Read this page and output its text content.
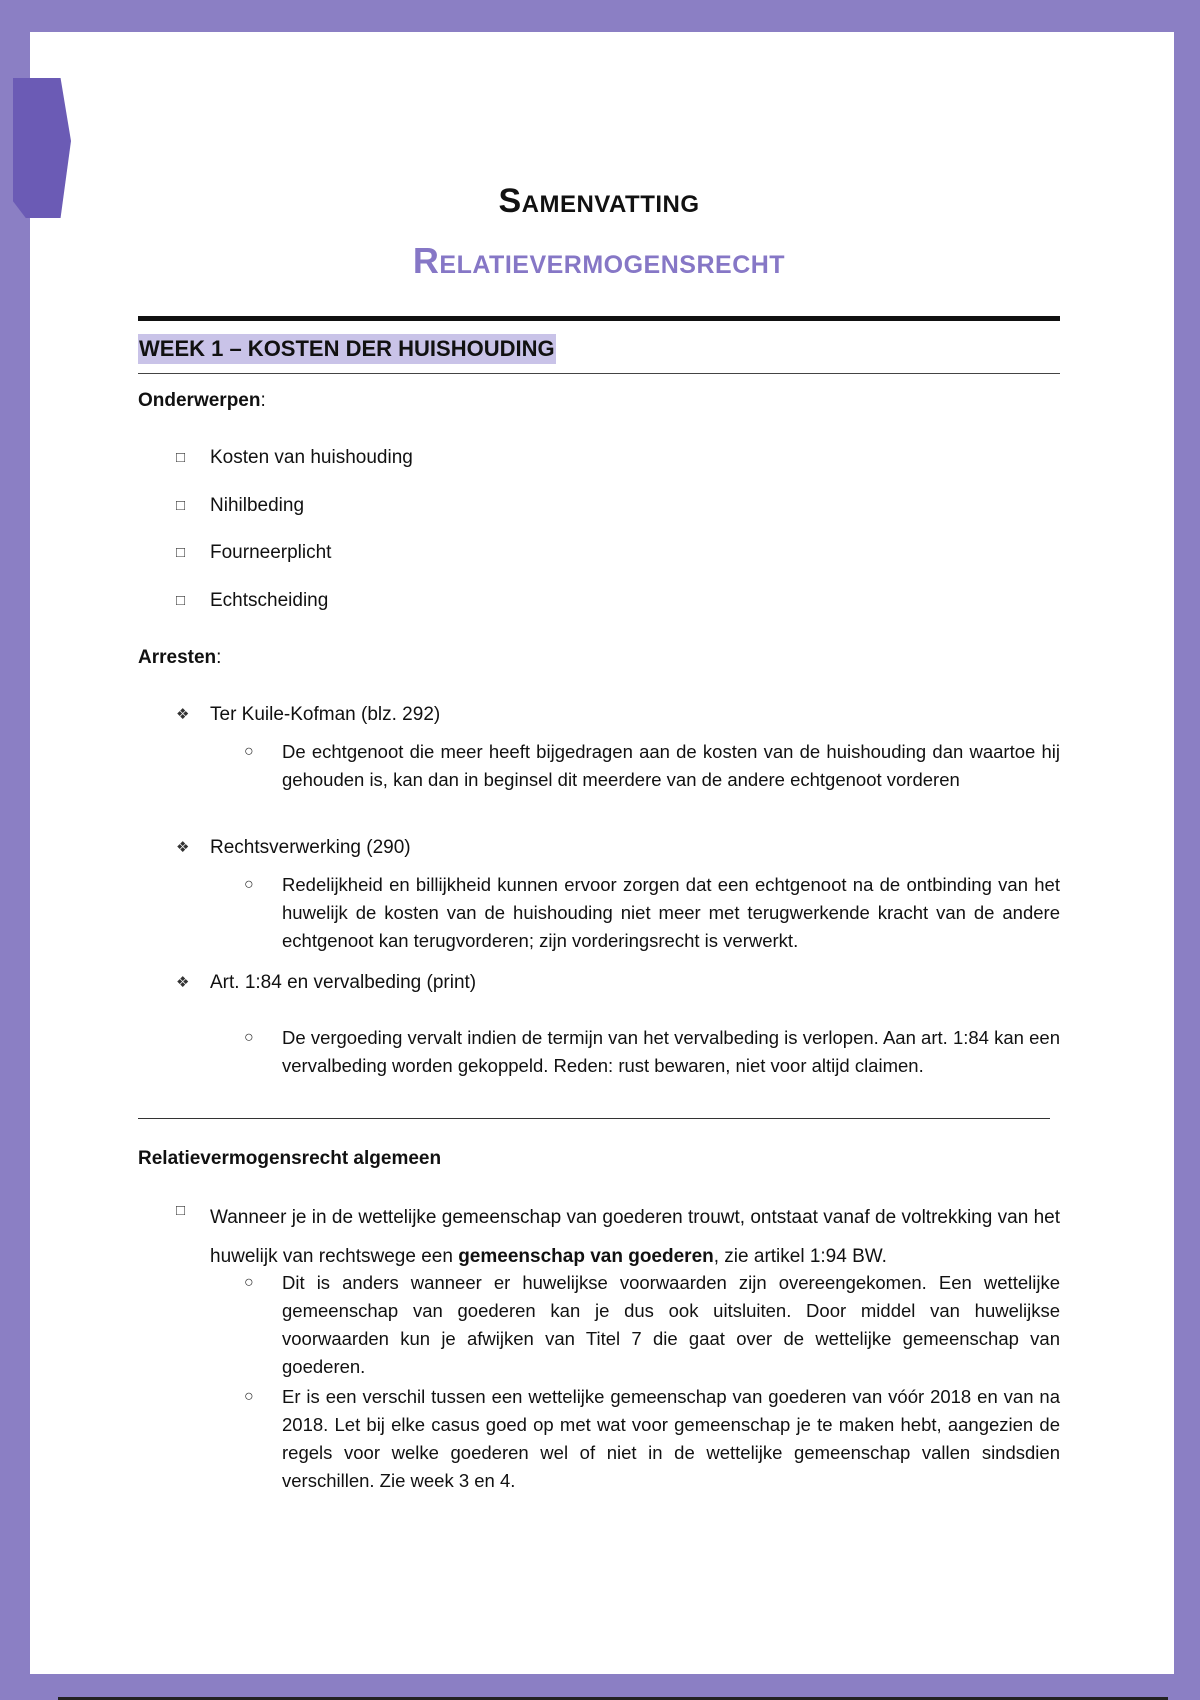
Samenvatting
Relatievermogensrecht
WEEK 1 – KOSTEN DER HUISHOUDING
Onderwerpen:
□ Kosten van huishouding
□ Nihilbeding
□ Fourneerplicht
□ Echtscheiding
Arresten:
❖ Ter Kuile-Kofman (blz. 292)
○ De echtgenoot die meer heeft bijgedragen aan de kosten van de huishouding dan waartoe hij gehouden is, kan dan in beginsel dit meerdere van de andere echtgenoot vorderen
❖ Rechtsverwerking (290)
○ Redelijkheid en billijkheid kunnen ervoor zorgen dat een echtgenoot na de ontbinding van het huwelijk de kosten van de huishouding niet meer met terugwerkende kracht van de andere echtgenoot kan terugvorderen; zijn vorderingsrecht is verwerkt.
❖ Art. 1:84 en vervalbeding (print)
○ De vergoeding vervalt indien de termijn van het vervalbeding is verlopen. Aan art. 1:84 kan een vervalbeding worden gekoppeld. Reden: rust bewaren, niet voor altijd claimen.
Relatievermogensrecht algemeen
□ Wanneer je in de wettelijke gemeenschap van goederen trouwt, ontstaat vanaf de voltrekking van het huwelijk van rechtswege een gemeenschap van goederen, zie artikel 1:94 BW.
○ Dit is anders wanneer er huwelijkse voorwaarden zijn overeengekomen. Een wettelijke gemeenschap van goederen kan je dus ook uitsluiten. Door middel van huwelijkse voorwaarden kun je afwijken van Titel 7 die gaat over de wettelijke gemeenschap van goederen.
○ Er is een verschil tussen een wettelijke gemeenschap van goederen van vóór 2018 en van na 2018. Let bij elke casus goed op met wat voor gemeenschap je te maken hebt, aangezien de regels voor welke goederen wel of niet in de wettelijke gemeenschap vallen sindsdien verschillen. Zie week 3 en 4.
